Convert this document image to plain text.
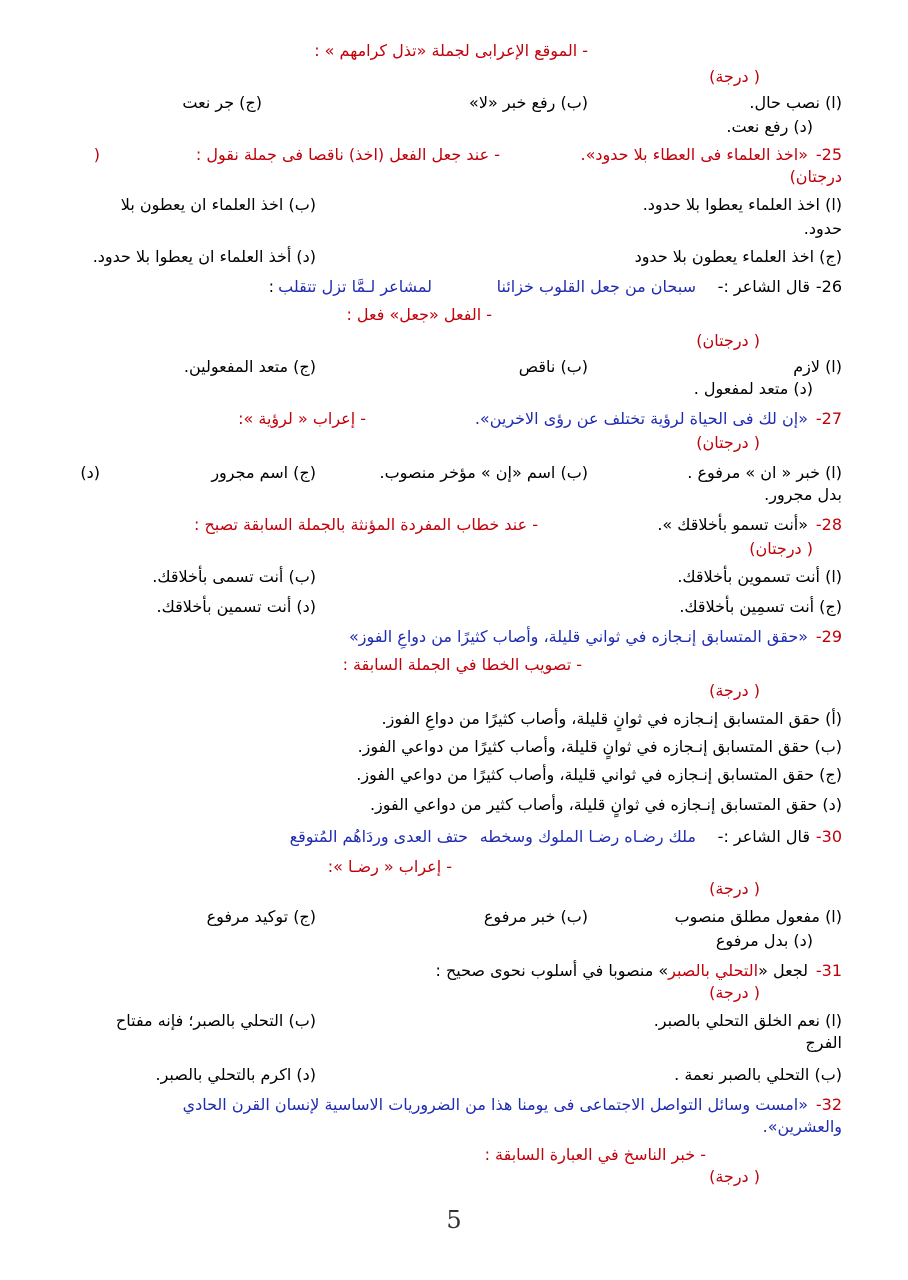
- الموقع الإعرابى لجملة «تذل كرامهم » :
( درجة)
(ا) نصب حال.
(ب) رفع خبر «لا»
(ج) جر نعت
(د) رفع نعت.
25-
«اخذ العلماء فى العطاء بلا حدود».
- عند جعل الفعل (اخذ) ناقصا فى جملة نقول :
(
درجتان)
(ا) اخذ العلماء يعطوا بلا حدود.
(ب) اخذ العلماء ان يعطون بلا
حدود.
(ج) اخذ العلماء يعطون بلا حدود
(د) أخذ العلماء ان يعطوا بلا حدود.
26-
قال الشاعر :-
سبحان من جعل القلوب خزائنا
لمشاعر لـمَّا تزل تتقلب
:
- الفعل «جعل» فعل :
( درجتان)
(ا) لازم
(ب) ناقص
(ج) متعد المفعولين.
(د) متعد لمفعول .
27-
«إن لك فى الحياة لرؤية تختلف عن رؤى الاخرين».
- إعراب « لرؤية »:
( درجتان)
(ا) خبر « ان » مرفوع .
(ب) اسم «إن » مؤخر منصوب.
(ج) اسم مجرور
(د)
بدل مجرور.
28-
«أنت تسمو بأخلاقك ».
- عند خطاب المفردة المؤنثة بالجملة السابقة تصبح :
( درجتان)
(ا) أنت تسموين بأخلاقك.
(ب) أنت تسمى بأخلاقك.
(ج) أنت تسمِين بأخلاقك.
(د) أنت تسمين بأخلاقك.
29-
«حقق المتسابق إنـجازه في ثواني قليلة، وأصاب كثيرًا من دواعِ الفوز»
- تصويب الخطا في الجملة السابقة :
( درجة)
(أ) حقق المتسابق إنـجازه في ثوانٍ قليلة، وأصاب كثيرًا من دواعِ الفوز.
(ب) حقق المتسابق إنـجازه في ثوانٍ قليلة، وأصاب كثيرًا من دواعي الفوز.
(ج) حقق المتسابق إنـجازه في ثواني قليلة، وأصاب كثيرًا من دواعي الفوز.
(د) حقق المتسابق إنـجازه في ثوانٍ قليلة، وأصاب كثير من دواعي الفوز.
30-
قال الشاعر :-
ملك رضـاه رضـا الملوك وسخطه
حتف العدى وردَاهُم المُتوقع
- إعراب « رضـا »:
( درجة)
(ا) مفعول مطلق منصوب
(ب) خبر مرفوع
(ج) توكيد مرفوع
(د) بدل مرفوع
31-
لجعل «التحلي بالصبر» منصوبا في أسلوب نحوى صحيح :
( درجة)
(ا) نعم الخلق التحلي بالصبر.
(ب) التحلي بالصبر؛ فإنه مفتاح
الفرج
(ب) التحلي بالصبر نعمة .
(د) اكرم بالتحلي بالصبر.
32-
«امست وسائل التواصل الاجتماعى فى يومنا هذا من الضروريات الاساسية لإنسان القرن الحادي
والعشرين».
- خبر الناسخ في العبارة السابقة :
( درجة)
5
